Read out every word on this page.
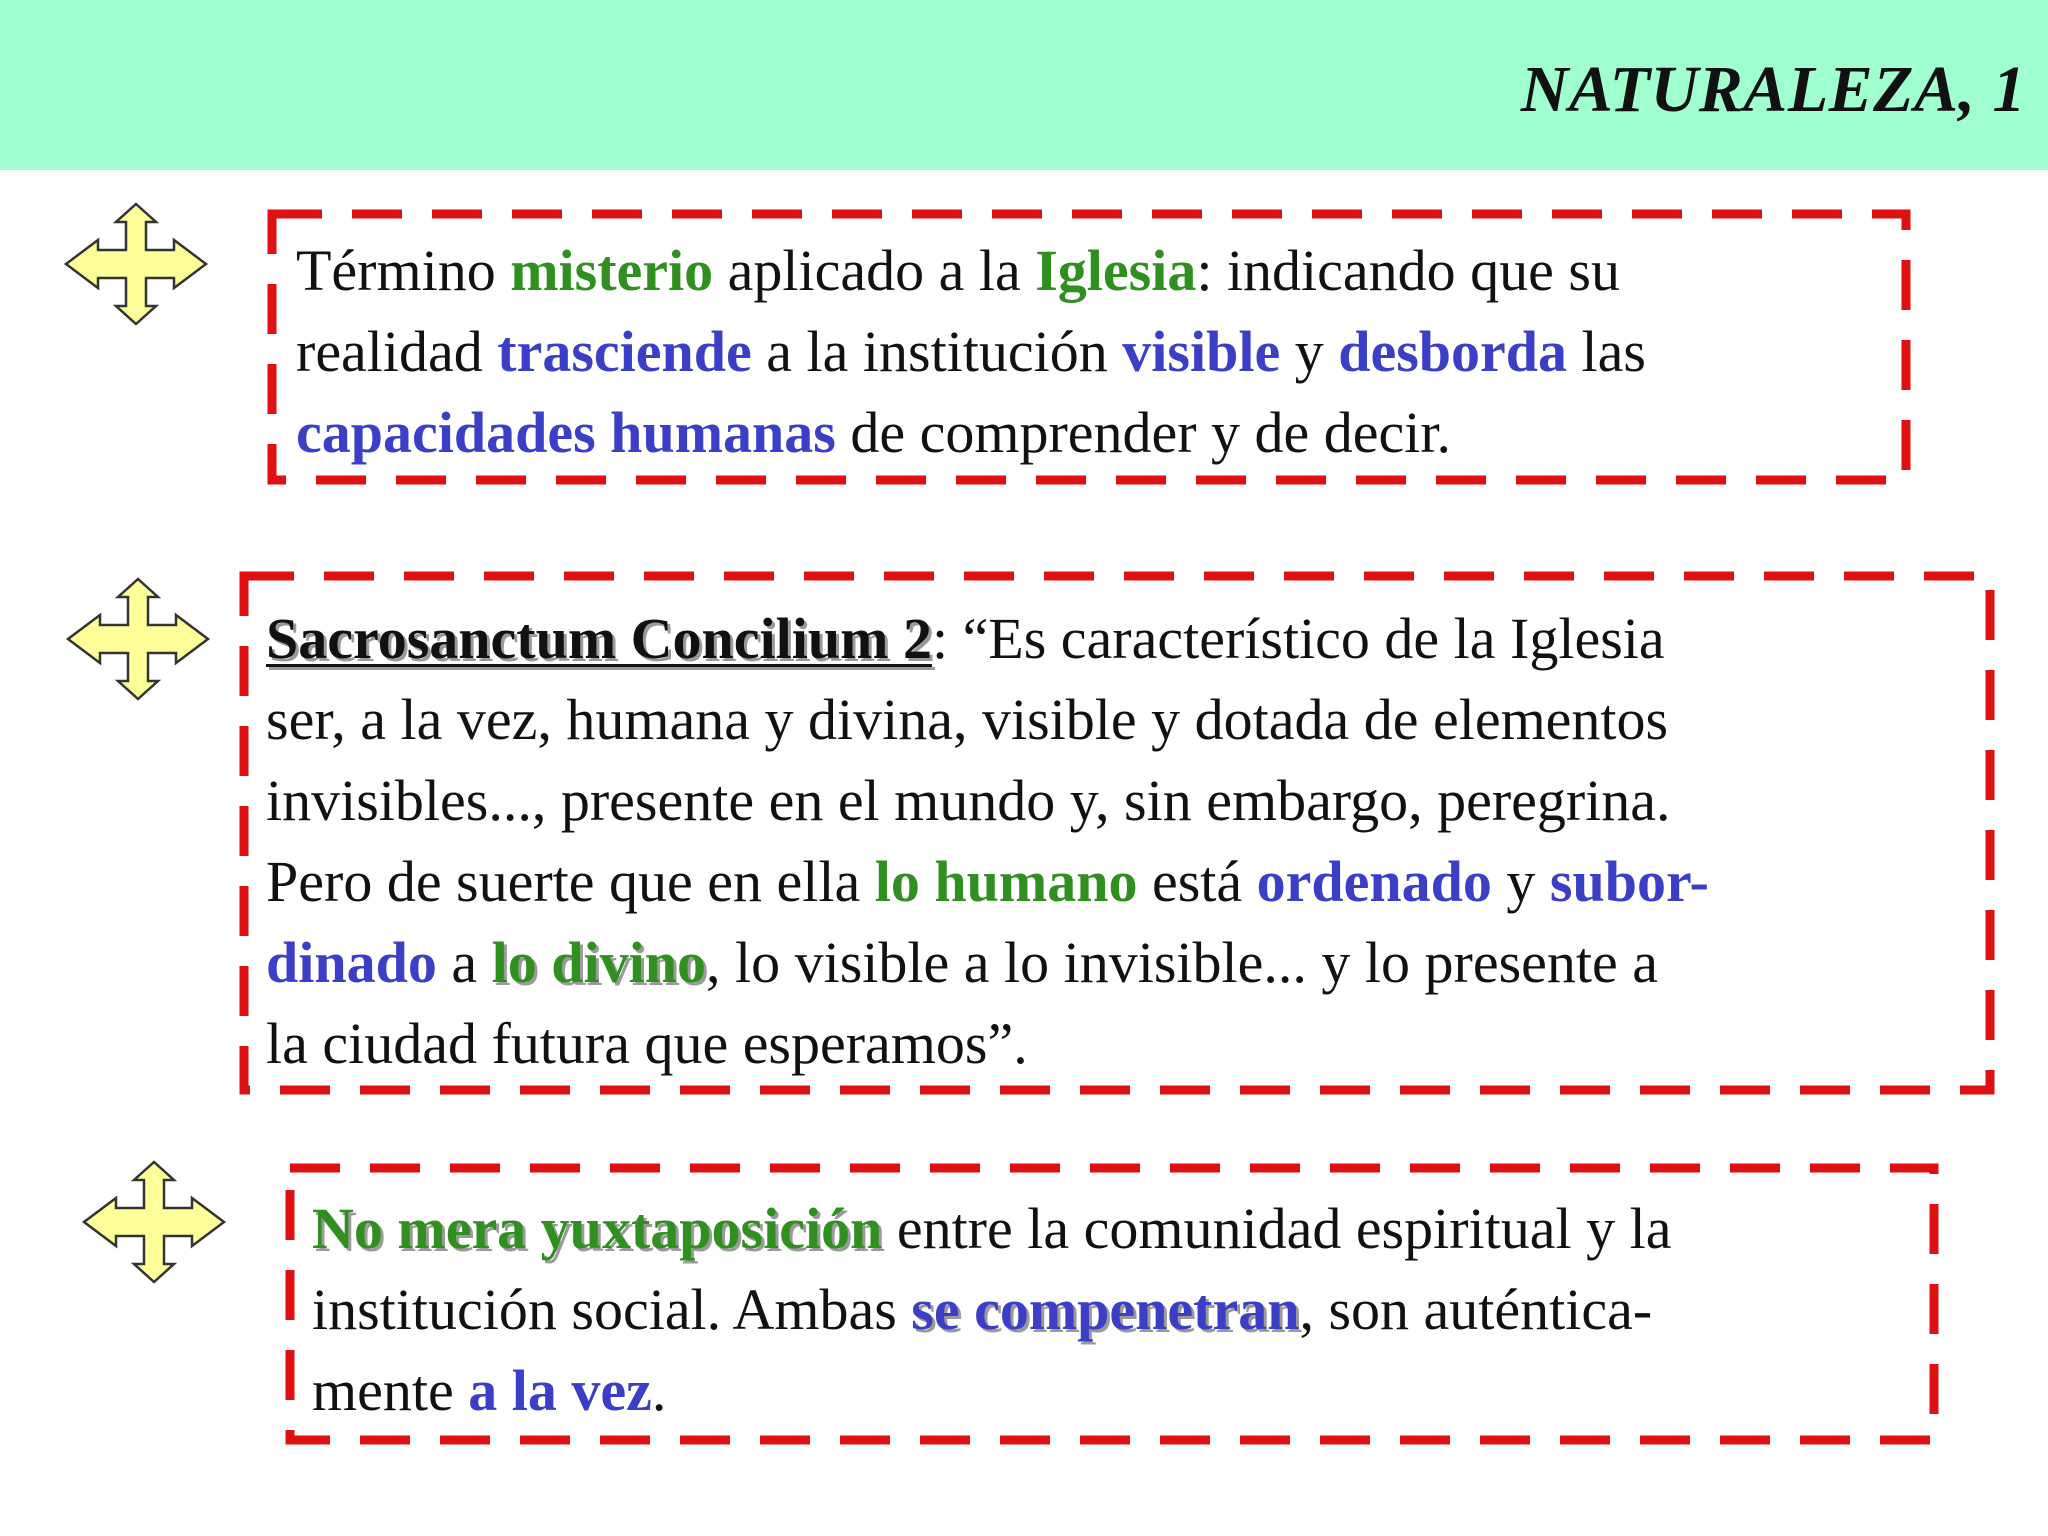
NATURALEZA, 1
Término misterio aplicado a la Iglesia: indicando que su
realidad trasciende a la institución visible y desborda las
capacidades humanas de comprender y de decir.
Sacrosanctum Concilium 2: “Es característico de la Iglesia
ser, a la vez, humana y divina, visible y dotada de elementos
invisibles..., presente en el mundo y, sin embargo, peregrina.
Pero de suerte que en ella lo humano está ordenado y subor-
dinado a lo divino, lo visible a lo invisible... y lo presente a
la ciudad futura que esperamos”.
No mera yuxtaposición entre la comunidad espiritual y la
institución social. Ambas se compenetran, son auténtica-
mente a la vez.
